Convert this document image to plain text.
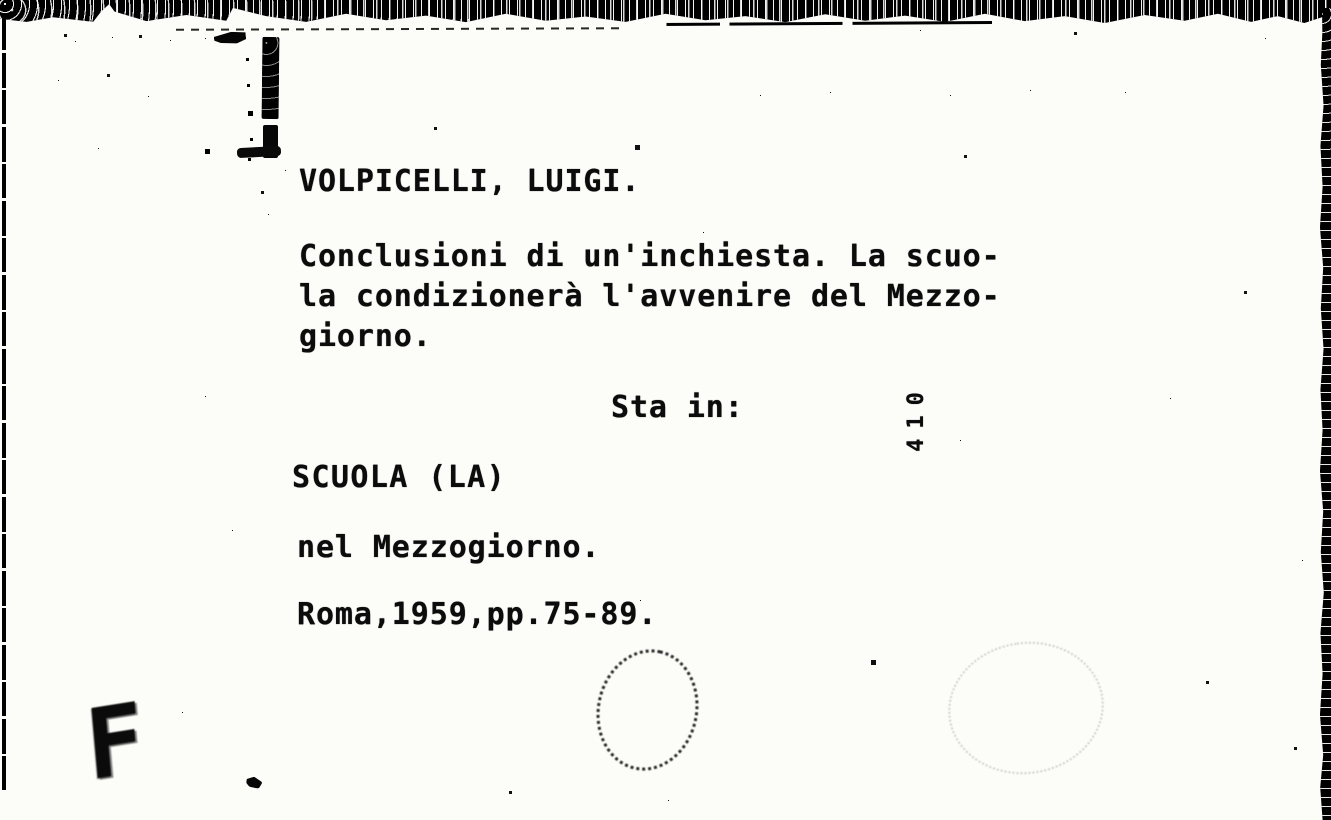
VOLPICELLI, LUIGI.
Conclusioni di un'inchiesta. La scuo-
la condizionerà l'avvenire del Mezzo-
giorno.
Sta in:	410
SCUOLA (LA)
nel Mezzogiorno.
Roma,1959,pp.75-89.
F
